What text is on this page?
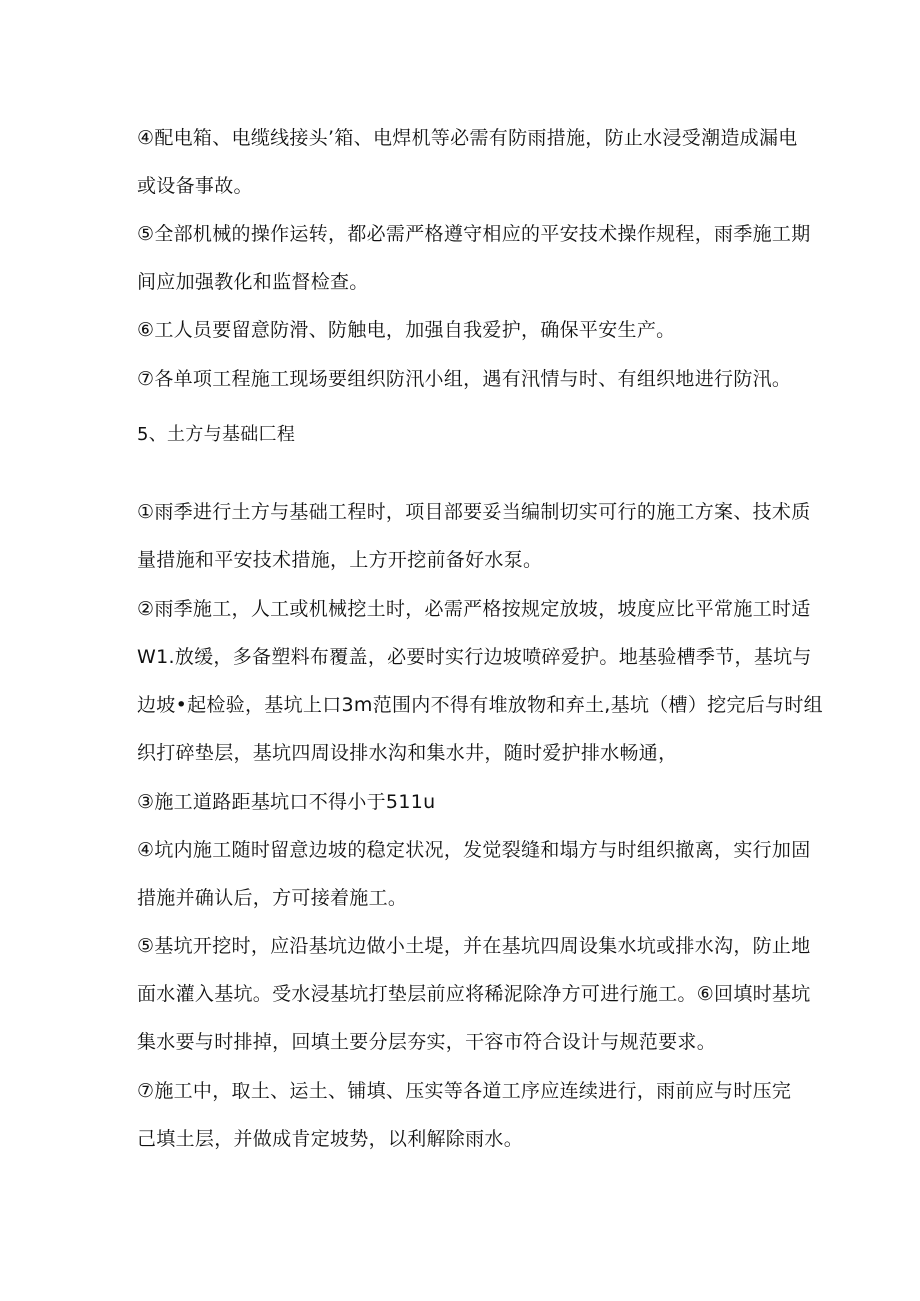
④配电箱、电缆线接头’箱、电焊机等必需有防雨措施，防止水浸受潮造成漏电
或设备事故。
⑤全部机械的操作运转，都必需严格遵守相应的平安技术操作规程，雨季施工期
间应加强教化和监督检查。
⑥工人员要留意防滑、防触电，加强自我爱护，确保平安生产。
⑦各单项工程施工现场要组织防汛小组，遇有汛情与时、有组织地进行防汛。
5、土方与基础匚程
①雨季进行土方与基础工程时，项目部要妥当编制切实可行的施工方案、技术质
量措施和平安技术措施，上方开挖前备好水泵。
②雨季施工，人工或机械挖土时，必需严格按规定放坡，坡度应比平常施工时适
W1.放缓，多备塑料布覆盖，必要时实行边坡喷碎爱护。地基验槽季节，基坑与
边坡•起检验，基坑上口3m范围内不得有堆放物和弃土,基坑（槽）挖完后与时组
织打碎垫层，基坑四周设排水沟和集水井，随时爱护排水畅通，
③施工道路距基坑口不得小于511u
④坑内施工随时留意边坡的稳定状况，发觉裂缝和塌方与时组织撤离，实行加固
措施并确认后，方可接着施工。
⑤基坑开挖时，应沿基坑边做小土堤，并在基坑四周设集水坑或排水沟，防止地
面水灌入基坑。受水浸基坑打垫层前应将稀泥除净方可进行施工。⑥回填时基坑
集水要与时排掉，回填土要分层夯实，干容市符合设计与规范要求。
⑦施工中，取土、运土、铺填、压实等各道工序应连续进行，雨前应与时压完
己填土层，并做成肯定坡势，以利解除雨水。
